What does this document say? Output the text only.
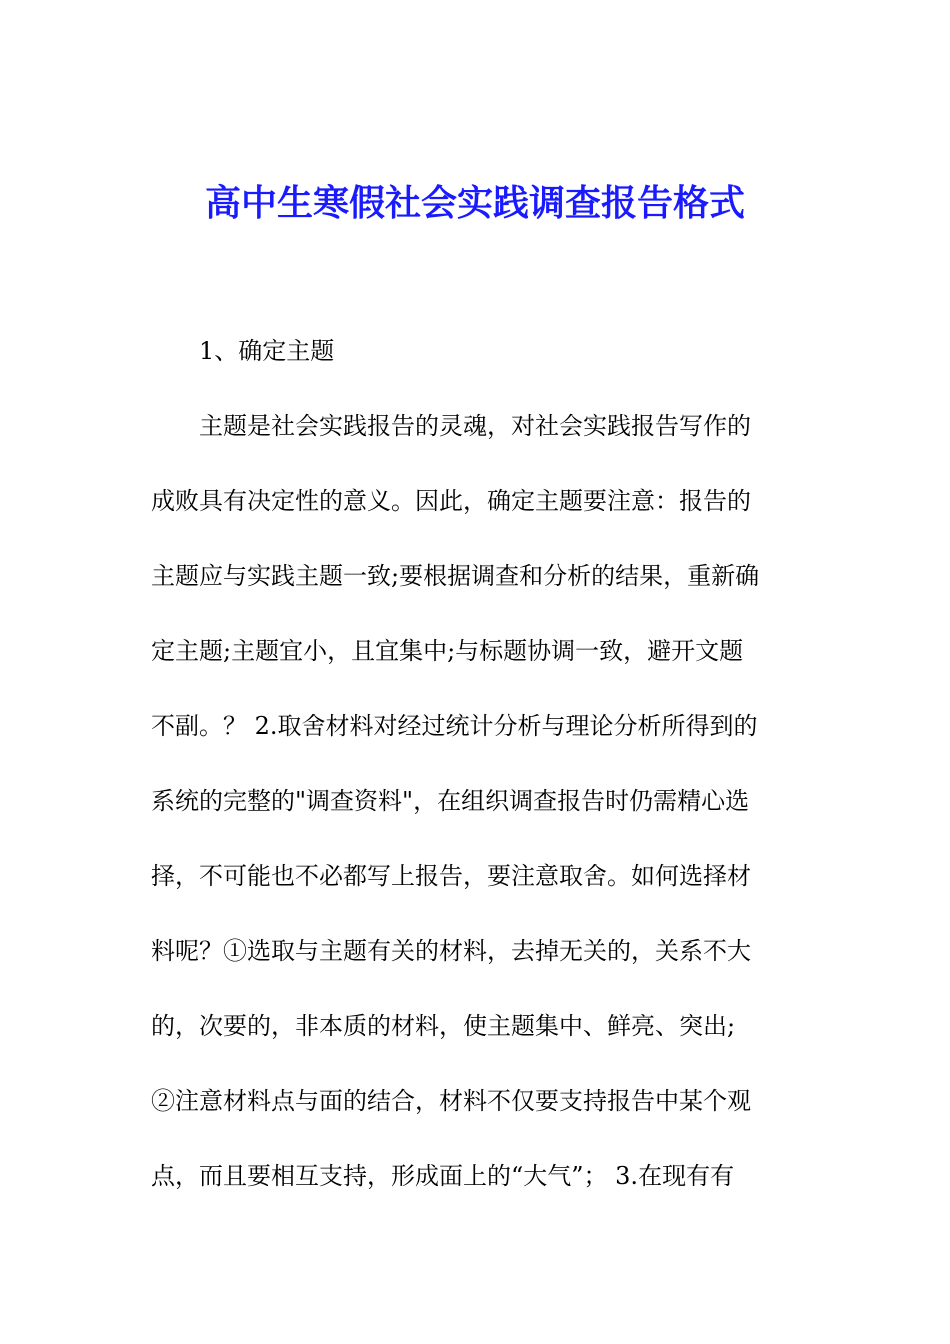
高中生寒假社会实践调查报告格式

1、确定主题

主题是社会实践报告的灵魂，对社会实践报告写作的

成败具有决定性的意义。因此，确定主题要注意：报告的

主题应与实践主题一致;要根据调查和分析的结果，重新确

定主题;主题宜小，且宜集中;与标题协调一致，避开文题

不副。？ 2.取舍材料对经过统计分析与理论分析所得到的

系统的完整的"调查资料"，在组织调查报告时仍需精心选

择，不可能也不必都写上报告，要注意取舍。如何选择材

料呢？①选取与主题有关的材料，去掉无关的，关系不大

的，次要的，非本质的材料，使主题集中、鲜亮、突出;

②注意材料点与面的结合，材料不仅要支持报告中某个观

点，而且要相互支持，形成面上的“大气”； 3.在现有有
